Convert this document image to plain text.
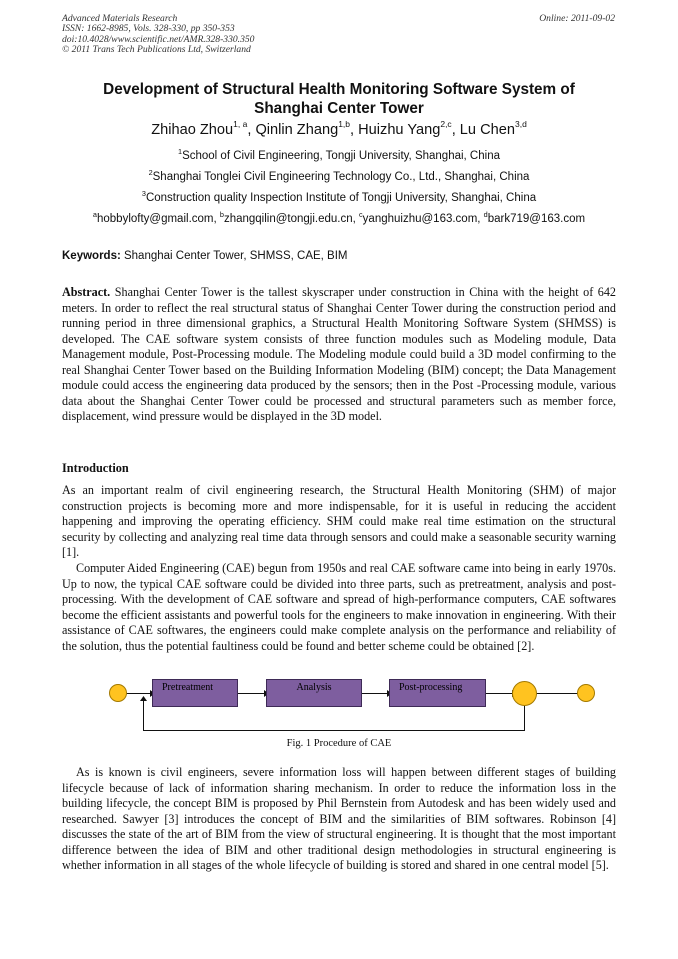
Advanced Materials Research
ISSN: 1662-8985, Vols. 328-330, pp 350-353
doi:10.4028/www.scientific.net/AMR.328-330.350
© 2011 Trans Tech Publications Ltd, Switzerland
Online: 2011-09-02
Development of Structural Health Monitoring Software System of
Shanghai Center Tower
Zhihao Zhou$^{1, a}$, Qinlin Zhang$^{1,b}$, Huizhu Yang$^{2,c}$, Lu Chen$^{3,d}$
$^1$School of Civil Engineering, Tongji University, Shanghai, China
$^2$Shanghai Tonglei Civil Engineering Technology Co., Ltd., Shanghai, China
$^3$Construction quality Inspection Institute of Tongji University, Shanghai, China
$^a$hobbylofty@gmail.com, $^b$zhangqilin@tongji.edu.cn, $^c$yanghuizhu@163.com, $^d$bark719@163.com
Keywords: Shanghai Center Tower, SHMSS, CAE, BIM
Abstract. Shanghai Center Tower is the tallest skyscraper under construction in China with the height of 642 meters. In order to reflect the real structural status of Shanghai Center Tower during the construction period and running period in three dimensional graphics, a Structural Health Monitoring Software System (SHMSS) is developed. The CAE software system consists of three function modules such as Modeling module, Data Management module, Post-Processing module. The Modeling module could build a 3D model confirming to the real Shanghai Center Tower based on the Building Information Modeling (BIM) concept; the Data Management module could access the engineering data produced by the sensors; then in the Post -Processing module, various data about the Shanghai Center Tower could be processed and structural parameters such as member force, displacement, wind pressure would be displayed in the 3D model.
Introduction
As an important realm of civil engineering research, the Structural Health Monitoring (SHM) of major construction projects is becoming more and more indispensable, for it is useful in reducing the accident happening and improving the operating efficiency. SHM could make real time estimation on the structural security by collecting and analyzing real time data through sensors and could make a seasonable security warning [1].
Computer Aided Engineering (CAE) begun from 1950s and real CAE software came into being in early 1970s. Up to now, the typical CAE software could be divided into three parts, such as pretreatment, analysis and post-processing. With the development of CAE software and spread of high-performance computers, CAE softwares become the efficient assistants and powerful tools for the engineers to make innovation in engineering. With their assistance of CAE softwares, the engineers could make complete analysis on the performance and reliability of the solution, thus the potential faultiness could be found and better scheme could be obtained [2].
Pretreatment	Analysis	Post-processing
Fig. 1 Procedure of CAE
As is known is civil engineers, severe information loss will happen between different stages of building lifecycle because of lack of information sharing mechanism. In order to reduce the information loss in the building lifecycle, the concept BIM is proposed by Phil Bernstein from Autodesk and has been widely used and researched. Sawyer [3] introduces the concept of BIM and the similarities of BIM softwares. Robinson [4] discusses the state of the art of BIM from the view of structural engineering. It is thought that the most important difference between the idea of BIM and other traditional design methodologies in structural engineering is whether information in all stages of the whole lifecycle of building is stored and shared in one central model [5].
